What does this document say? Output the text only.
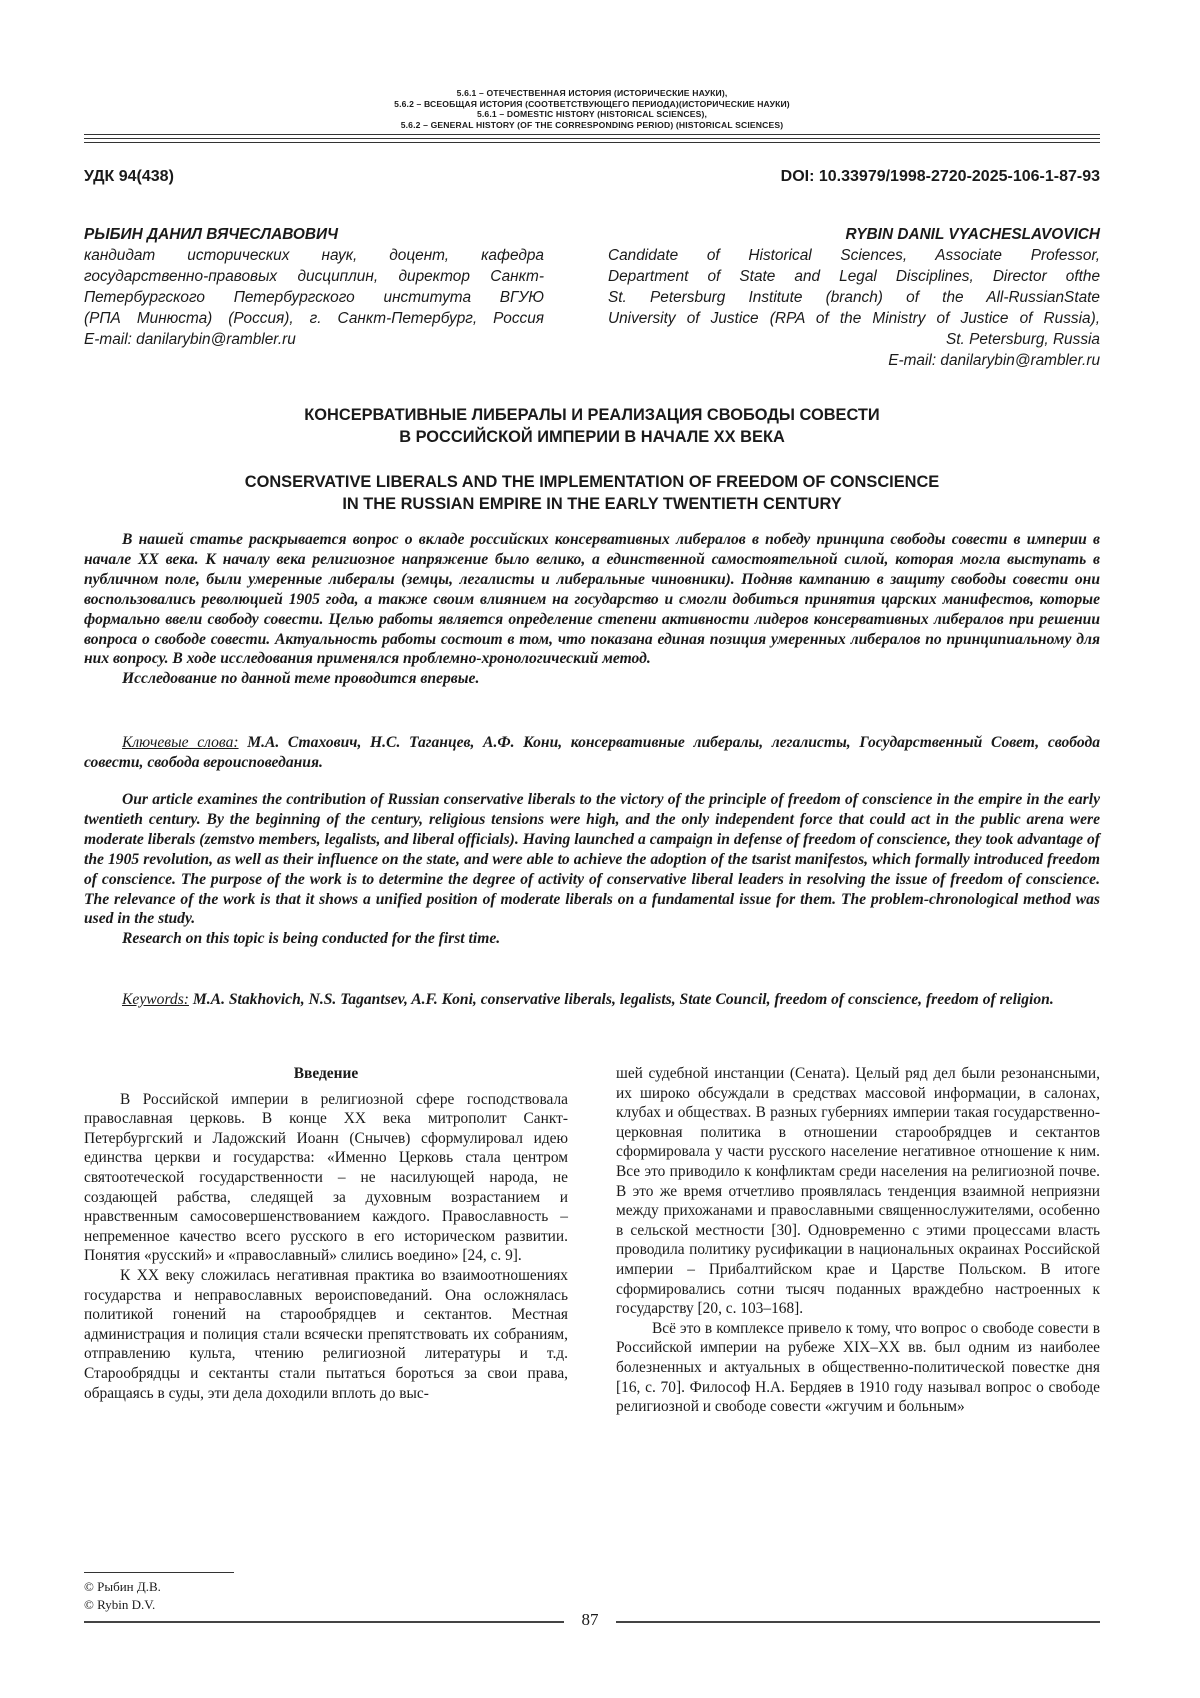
5.6.1 – ОТЕЧЕСТВЕННАЯ ИСТОРИЯ (ИСТОРИЧЕСКИЕ НАУКИ),
5.6.2 – ВСЕОБЩАЯ ИСТОРИЯ (СООТВЕТСТВУЮЩЕГО ПЕРИОДА)(ИСТОРИЧЕСКИЕ НАУКИ)
5.6.1 – DOMESTIC HISTORY (HISTORICAL SCIENCES),
5.6.2 – GENERAL HISTORY (OF THE CORRESPONDING PERIOD) (HISTORICAL SCIENCES)
УДК 94(438)	DOI: 10.33979/1998-2720-2025-106-1-87-93
РЫБИН ДАНИЛ ВЯЧЕСЛАВОВИЧ
кандидат исторических наук, доцент, кафедра
государственно-правовых дисциплин, директор Санкт-
Петербургского Петербургского института ВГУЮ
(РПА Минюста) (Россия), г. Санкт-Петербург, Россия
E-mail: danilarybin@rambler.ru
RYBIN DANIL VYACHESLAVOVICH
Candidate of Historical Sciences, Associate Professor,
Department of State and Legal Disciplines, Director ofthe
St. Petersburg Institute (branch) of the All-RussianState
University of Justice (RPA of the Ministry of Justice of Russia),
St. Petersburg, Russia
E-mail: danilarybin@rambler.ru
КОНСЕРВАТИВНЫЕ ЛИБЕРАЛЫ И РЕАЛИЗАЦИЯ СВОБОДЫ СОВЕСТИ
В РОССИЙСКОЙ ИМПЕРИИ В НАЧАЛЕ XX ВЕКА
CONSERVATIVE LIBERALS AND THE IMPLEMENTATION OF FREEDOM OF CONSCIENCE
IN THE RUSSIAN EMPIRE IN THE EARLY TWENTIETH CENTURY

В нашей статье раскрывается вопрос о вкладе российских консервативных либералов в победу принципа свободы совести в империи в начале XX века. К началу века религиозное напряжение было велико, а единственной самостоятельной силой, которая могла выступать в публичном поле, были умеренные либералы (земцы, легалисты и либеральные чиновники). Подняв кампанию в защиту свободы совести они воспользовались революцией 1905 года, а также своим влиянием на государство и смогли добиться принятия царских манифестов, которые формально ввели свободу совести. Целью работы является определение степени активности лидеров консервативных либералов при решении вопроса о свободе совести. Актуальность работы состоит в том, что показана единая позиция умеренных либералов по принципиальному для них вопросу. В ходе исследования применялся проблемно-хронологический метод.

Исследование по данной теме проводится впервые.

Ключевые слова: М.А. Стахович, Н.С. Таганцев, А.Ф. Кони, консервативные либералы, легалисты, Государственный Совет, свобода совести, свобода вероисповедания.

Our article examines the contribution of Russian conservative liberals to the victory of the principle of freedom of conscience in the empire in the early twentieth century. By the beginning of the century, religious tensions were high, and the only independent force that could act in the public arena were moderate liberals (zemstvo members, legalists, and liberal officials). Having launched a campaign in defense of freedom of conscience, they took advantage of the 1905 revolution, as well as their influence on the state, and were able to achieve the adoption of the tsarist manifestos, which formally introduced freedom of conscience. The purpose of the work is to determine the degree of activity of conservative liberal leaders in resolving the issue of freedom of conscience. The relevance of the work is that it shows a unified position of moderate liberals on a fundamental issue for them. The problem-chronological method was used in the study.

Research on this topic is being conducted for the first time.

Keywords: M.A. Stakhovich, N.S. Tagantsev, A.F. Koni, conservative liberals, legalists, State Council, freedom of conscience, freedom of religion.

Введение

В Российской империи в религиозной сфере господствовала православная церковь. В конце XX века митрополит Санкт-Петербургский и Ладожский Иоанн (Снычев) сформулировал идею единства церкви и государства: «Именно Церковь стала центром святоотеческой государственности – не насилующей народа, не создающей рабства, следящей за духовным возрастанием и нравственным самосовершенствованием каждого. Православность – непременное качество всего русского в его историческом развитии. Понятия «русский» и «православный» слились воедино» [24, с. 9].

К XX веку сложилась негативная практика во взаимоотношениях государства и неправославных вероисповеданий. Она осложнялась политикой гонений на старообрядцев и сектантов. Местная администрация и полиция стали всячески препятствовать их собраниям, отправлению культа, чтению религиозной литературы и т.д. Старообрядцы и сектанты стали пытаться бороться за свои права, обращаясь в суды, эти дела доходили вплоть до выс-

шей судебной инстанции (Сената). Целый ряд дел были резонансными, их широко обсуждали в средствах массовой информации, в салонах, клубах и обществах. В разных губерниях империи такая государственно-церковная политика в отношении старообрядцев и сектантов сформировала у части русского население негативное отношение к ним. Все это приводило к конфликтам среди населения на религиозной почве. В это же время отчетливо проявлялась тенденция взаимной неприязни между прихожанами и православными священнослужителями, особенно в сельской местности [30]. Одновременно с этими процессами власть проводила политику русификации в национальных окраинах Российской империи – Прибалтийском крае и Царстве Польском. В итоге сформировались сотни тысяч поданных враждебно настроенных к государству [20, с. 103–168].

Всё это в комплексе привело к тому, что вопрос о свободе совести в Российской империи на рубеже XIX–XX вв. был одним из наиболее болезненных и актуальных в общественно-политической повестке дня [16, с. 70]. Философ Н.А. Бердяев в 1910 году называл вопрос о свободе религиозной и свободе совести «жгучим и больным»

© Рыбин Д.В.
© Rybin D.V.
87
